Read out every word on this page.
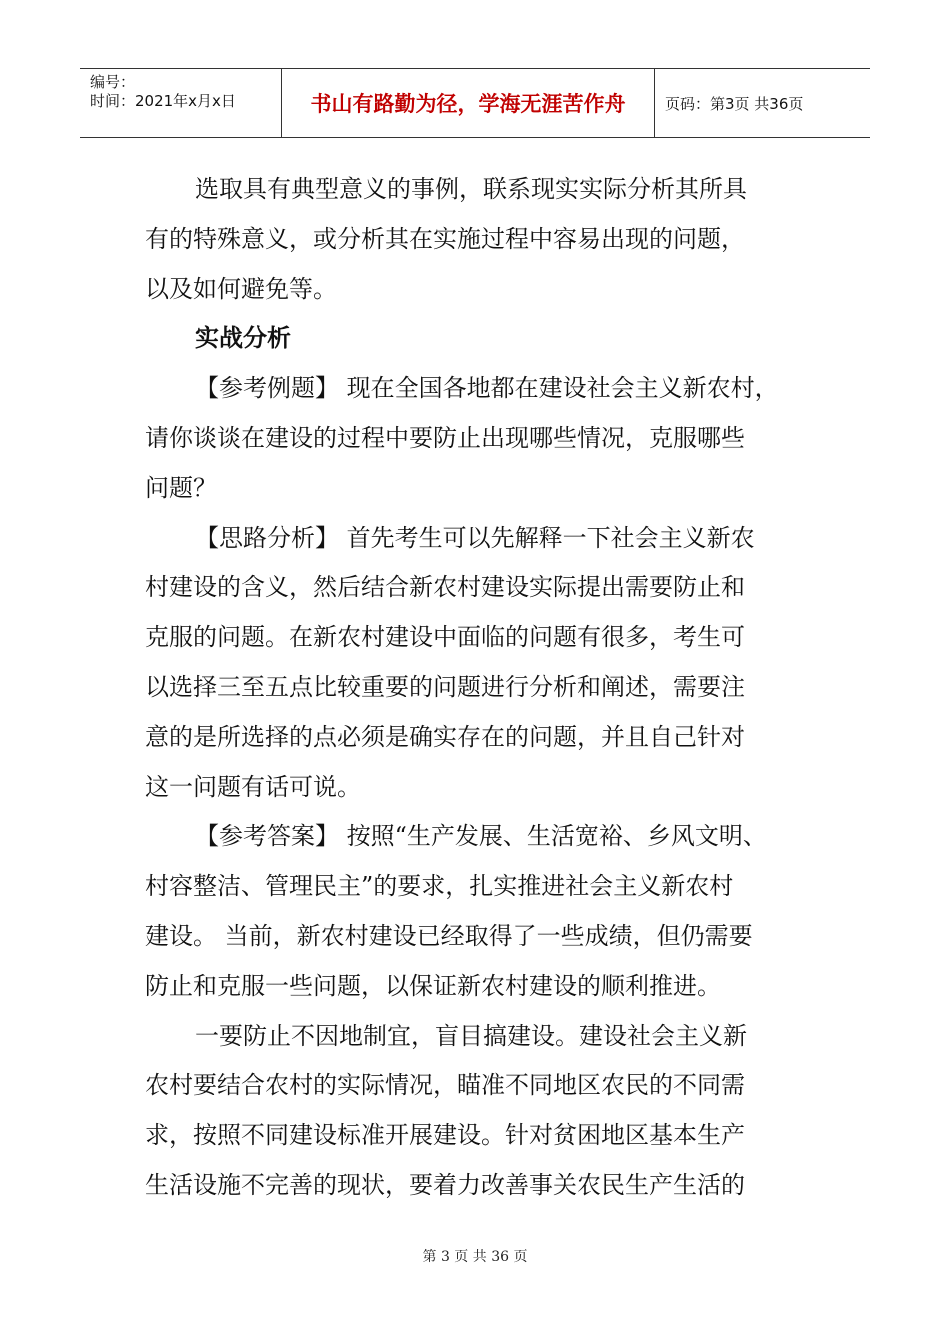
编号：
时间：2021年x月x日	书山有路勤为径，学海无涯苦作舟	页码：第3页 共36页
选取具有典型意义的事例，联系现实实际分析其所具
有的特殊意义，或分析其在实施过程中容易出现的问题，
以及如何避免等。
实战分析
【参考例题】 现在全国各地都在建设社会主义新农村，
请你谈谈在建设的过程中要防止出现哪些情况，克服哪些
问题？
【思路分析】 首先考生可以先解释一下社会主义新农
村建设的含义，然后结合新农村建设实际提出需要防止和
克服的问题。在新农村建设中面临的问题有很多，考生可
以选择三至五点比较重要的问题进行分析和阐述，需要注
意的是所选择的点必须是确实存在的问题，并且自己针对
这一问题有话可说。
【参考答案】 按照“生产发展、生活宽裕、乡风文明、
村容整洁、管理民主”的要求，扎实推进社会主义新农村
建设。 当前，新农村建设已经取得了一些成绩，但仍需要
防止和克服一些问题，以保证新农村建设的顺利推进。
一要防止不因地制宜，盲目搞建设。建设社会主义新
农村要结合农村的实际情况，瞄准不同地区农民的不同需
求，按照不同建设标准开展建设。针对贫困地区基本生产
生活设施不完善的现状，要着力改善事关农民生产生活的
第 3 页 共 36 页
